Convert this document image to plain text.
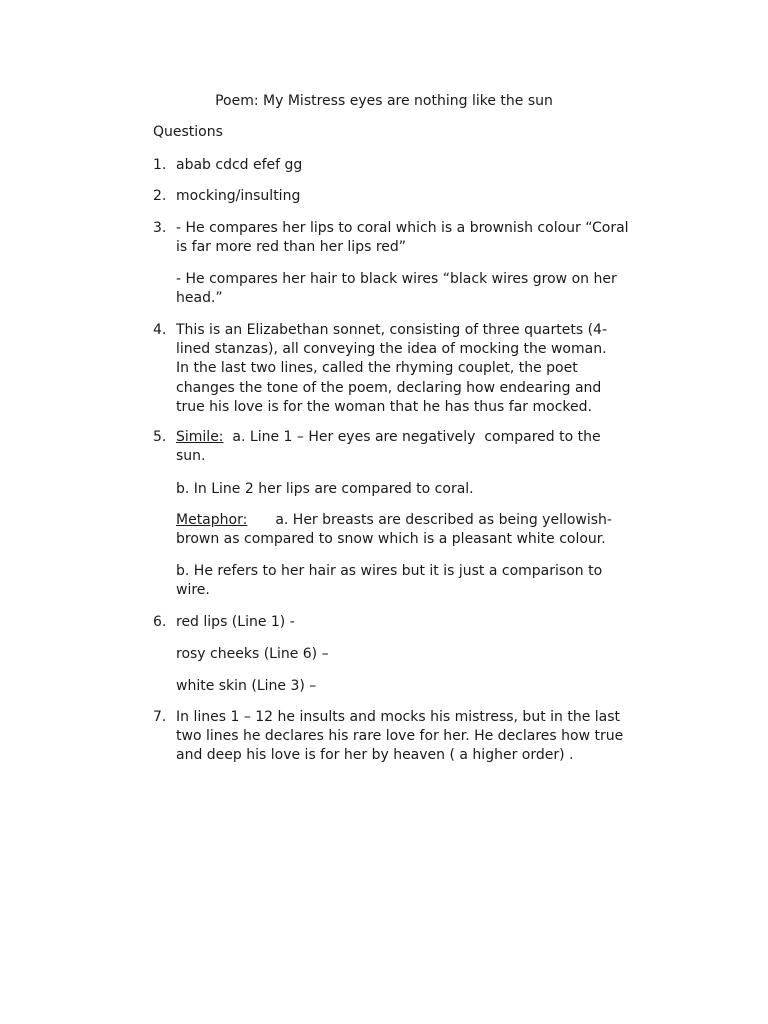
Poem: My Mistress eyes are nothing like the sun
Questions
1. abab cdcd efef gg
2. mocking/insulting
3. - He compares her lips to coral which is a brownish colour “Coral
is far more red than her lips red”
- He compares her hair to black wires “black wires grow on her
head.”
4. This is an Elizabethan sonnet, consisting of three quartets (4-
lined stanzas), all conveying the idea of mocking the woman.
In the last two lines, called the rhyming couplet, the poet
changes the tone of the poem, declaring how endearing and
true his love is for the woman that he has thus far mocked.
5. Simile:  a. Line 1 – Her eyes are negatively  compared to the
sun.
b. In Line 2 her lips are compared to coral.
Metaphor: a. Her breasts are described as being yellowish-
brown as compared to snow which is a pleasant white colour.
b. He refers to her hair as wires but it is just a comparison to
wire.
6. red lips (Line 1) -
rosy cheeks (Line 6) –
white skin (Line 3) –
7. In lines 1 – 12 he insults and mocks his mistress, but in the last
two lines he declares his rare love for her. He declares how true
and deep his love is for her by heaven ( a higher order) .
